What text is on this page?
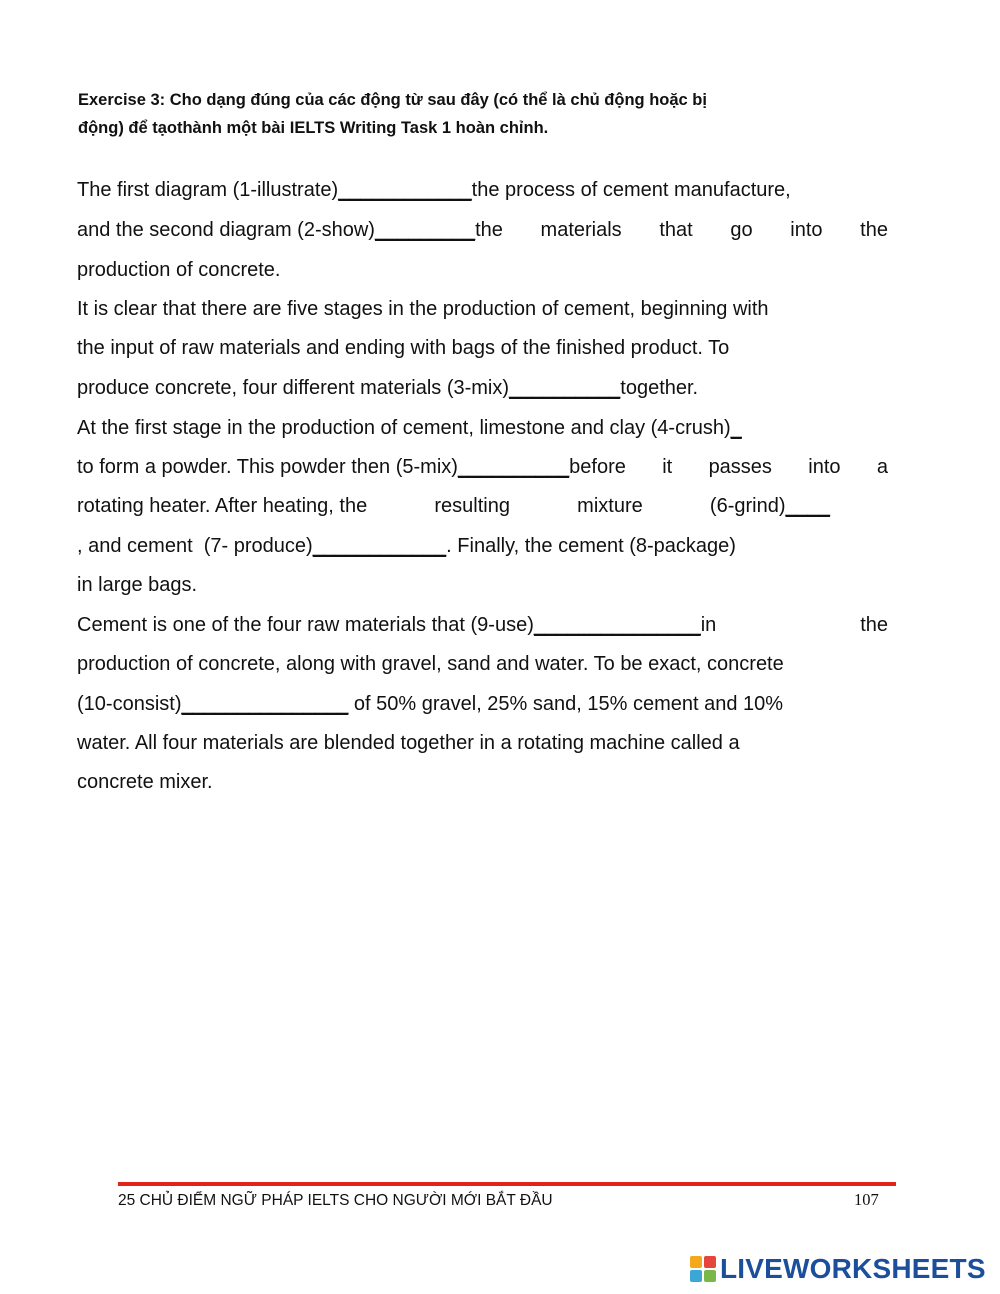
Exercise 3: Cho dạng đúng của các động từ sau đây (có thể là chủ động hoặc bị
động) để tạothành một bài IELTS Writing Task 1 hoàn chỉnh.
The first diagram (1-illustrate)____________the process of cement manufacture,
and the second diagram (2-show)_________the materials that go into the
production of concrete.
It is clear that there are five stages in the production of cement, beginning with
the input of raw materials and ending with bags of the finished product. To
produce concrete, four different materials (3-mix)__________together.
At the first stage in the production of cement, limestone and clay (4-crush)_
to form a powder. This powder then (5-mix)__________before it passes into a
rotating heater. After heating, the	resulting	mixture	(6-grind)____
, and cement  (7- produce)____________. Finally, the cement (8-package)
in large bags.
Cement is one of the four raw materials that (9-use)_______________in	the
production of concrete, along with gravel, sand and water. To be exact, concrete
(10-consist)_______________ of 50% gravel, 25% sand, 15% cement and 10%
water. All four materials are blended together in a rotating machine called a
concrete mixer.
25 CHỦ ĐIỂM NGỮ PHÁP IELTS CHO NGƯỜI MỚI BẮT ĐẦU	107
LIVEWORKSHEETS
